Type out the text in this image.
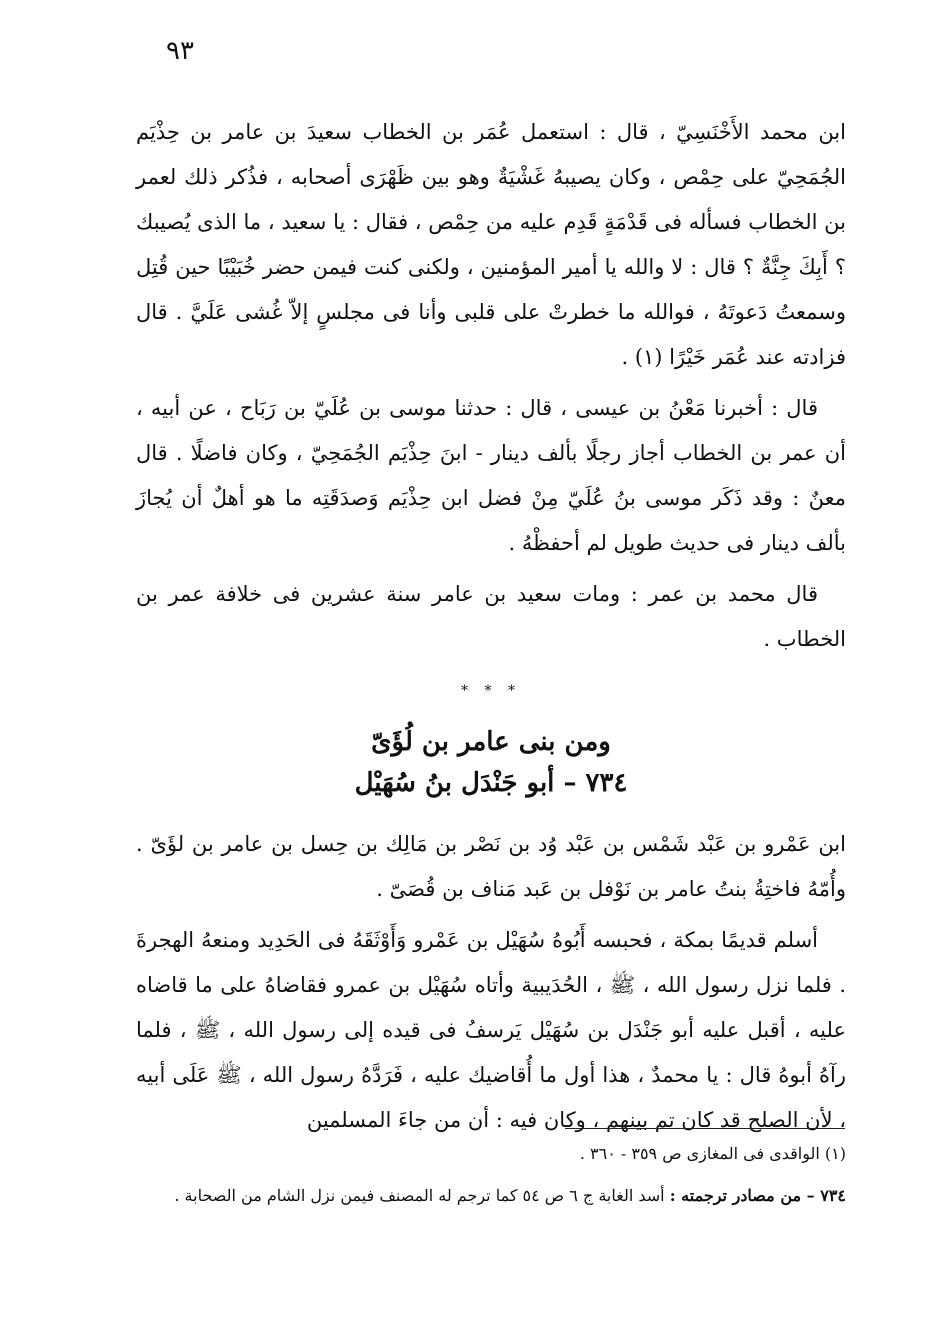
٩٣

ابن محمد الأَخْنَسِيّ ، قال : استعمل عُمَر بن الخطاب سعيدَ بن عامر بن حِذْيَم الجُمَحِيّ على حِمْص ، وكان يصيبهُ غَشْيَةٌ وهو بين ظَهْرَى أصحابه ، فذُكر ذلك لعمر بن الخطاب فسأله فى قَدْمَةٍ قَدِم عليه من حِمْص ، فقال : يا سعيد ، ما الذى يُصيبك ؟ أَبِكَ جِنَّةٌ ؟ قال : لا والله يا أمير المؤمنين ، ولكنى كنت فيمن حضر خُبَيْبًا حين قُتِل وسمعتُ دَعوتَهُ ، فوالله ما خطرتْ على قلبى وأنا فى مجلسٍ إلاّ غُشى عَلَيَّ . قال فزادته عند عُمَر خَيْرًا (١) .

قال : أخبرنا مَعْنُ بن عيسى ، قال : حدثنا موسى بن عُلَيّ بن رَبَاح ، عن أبيه ، أن عمر بن الخطاب أجاز رجلًا بألف دينار - ابنَ حِذْيَم الجُمَحِيّ ، وكان فاضلًا . قال معنٌ : وقد ذَكَر موسى بنُ عُلَيّ مِنْ فضل ابن حِذْيَم وَصدَقَتِه ما هو أهلٌ أن يُجازَ بألف دينار فى حديث طويل لم أحفظْهُ .

قال محمد بن عمر : ومات سعيد بن عامر سنة عشرين فى خلافة عمر بن الخطاب .

* * *
ومن بنى عامر بن لُؤَىّ
٧٣٤ – أبو جَنْدَل بنُ سُهَيْل

ابن عَمْرو بن عَبْد شَمْس بن عَبْد وُد بن نَصْر بن مَالِك بن حِسل بن عامر بن لؤَىّ . وأُمّهُ فاختِةُ بنتُ عامر بن نَوْفل بن عَبد مَناف بن قُصَىّ .

أسلم قديمًا بمكة ، فحبسه أَبُوهُ سُهَيْل بن عَمْرو وَأَوْثَقَهُ فى الحَدِيد ومنعهُ الهجرةَ . فلما نزل رسول الله ، ﷺ ، الحُدَيبية وأتاه سُهَيْل بن عمرو فقاضاهُ على ما قاضاه عليه ، أقبل عليه أبو جَنْدَل بن سُهَيْل يَرسفُ فى قيده إلى رسول الله ، ﷺ ، فلما رآهُ أبوهُ قال : يا محمدٌ ، هذا أول ما أُقاضيك عليه ، فَرَدَّهُ رسول الله ، ﷺ عَلَى أبيه ، لأن الصلح قد كان تم بينهم ، وكان فيه : أن من جاءَ المسلمين

(١) الواقدى فى المغازى ص ٣٥٩ - ٣٦٠ .

٧٣٤ – من مصادر ترجمته : أسد الغابة ج ٦ ص ٥٤ كما ترجم له المصنف فيمن نزل الشام من الصحابة .
